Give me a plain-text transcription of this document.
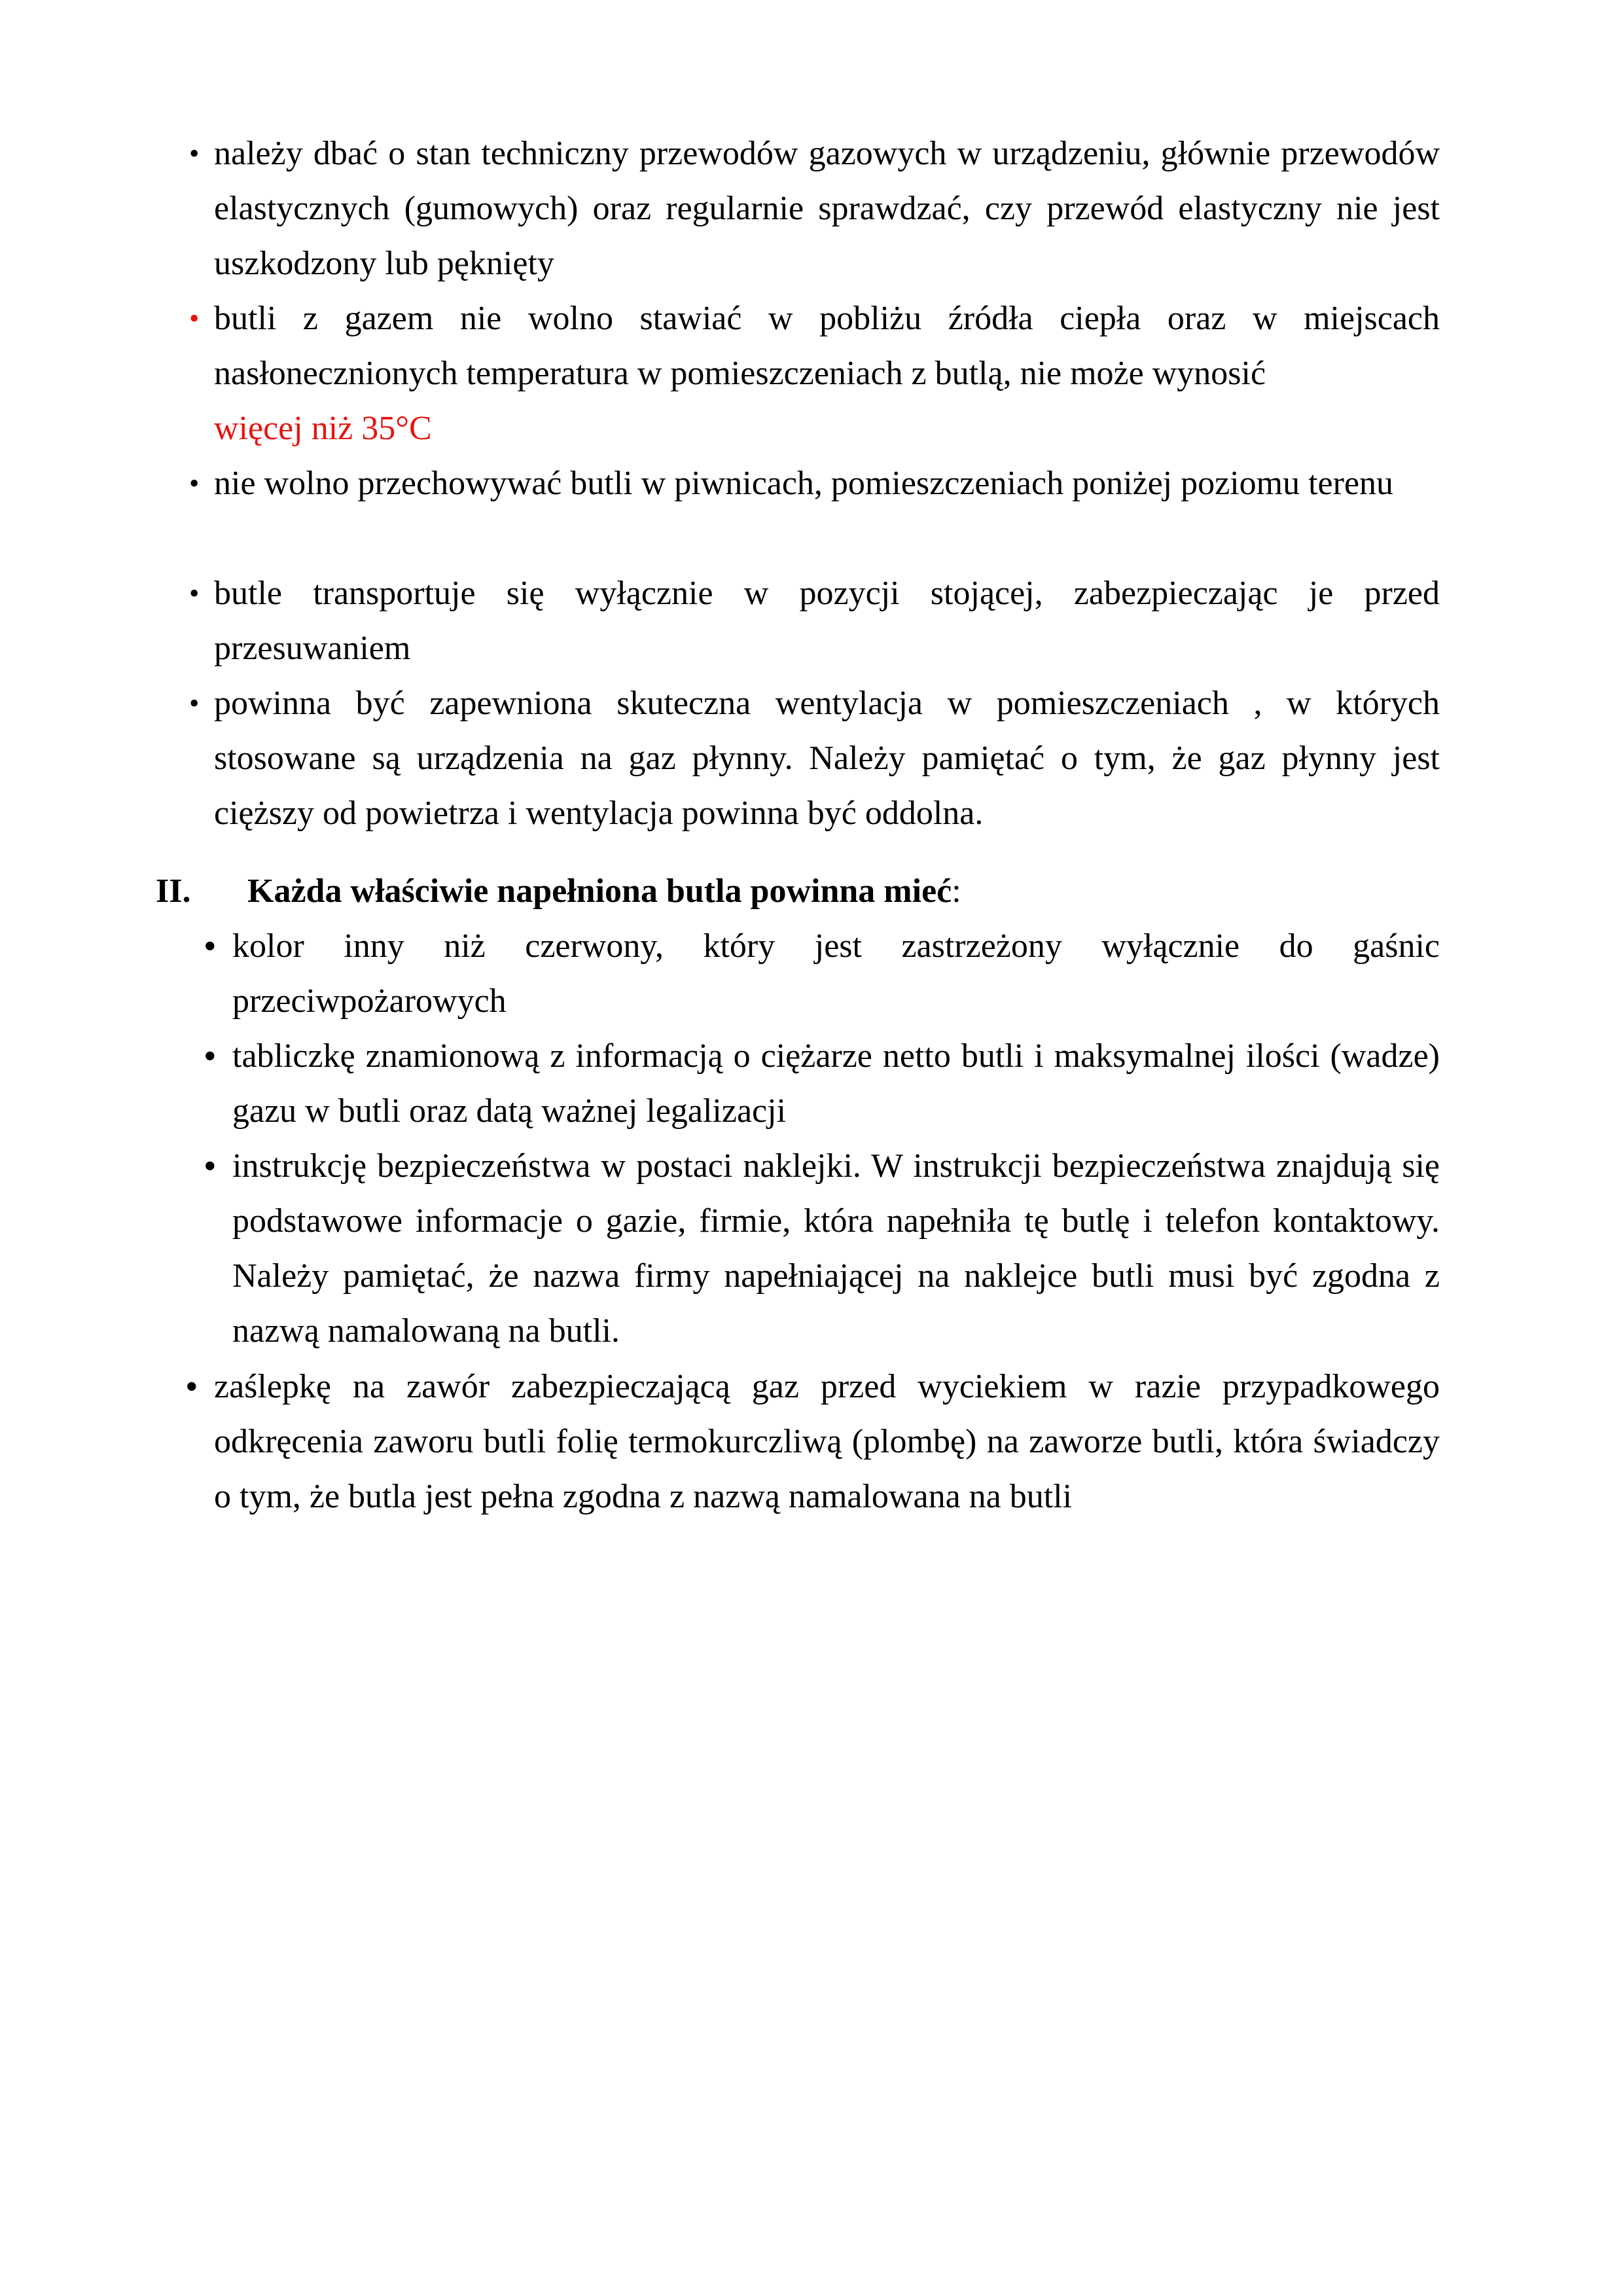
• należy dbać o stan techniczny przewodów gazowych w urządzeniu, głównie przewodów elastycznych (gumowych) oraz regularnie sprawdzać, czy przewód elastyczny nie jest uszkodzony lub pęknięty
• butli z gazem nie wolno stawiać w pobliżu źródła ciepła oraz w miejscach nasłonecznionych temperatura w pomieszczeniach z butlą, nie może wynosić
więcej niż 35°C
• nie wolno przechowywać butli w piwnicach, pomieszczeniach poniżej poziomu terenu
• butle transportuje się wyłącznie w pozycji stojącej, zabezpieczając je przed przesuwaniem
• powinna być zapewniona skuteczna wentylacja w pomieszczeniach , w których stosowane są urządzenia na gaz płynny. Należy pamiętać o tym, że gaz płynny jest cięższy od powietrza i wentylacja powinna być oddolna.
II. Każda właściwie napełniona butla powinna mieć:
• kolor inny niż czerwony, który jest zastrzeżony wyłącznie do gaśnic przeciwpożarowych
• tabliczkę znamionową z informacją o ciężarze netto butli i maksymalnej ilości (wadze) gazu w butli oraz datą ważnej legalizacji
• instrukcję bezpieczeństwa w postaci naklejki. W instrukcji bezpieczeństwa znajdują się podstawowe informacje o gazie, firmie, która napełniła tę butlę i telefon kontaktowy. Należy pamiętać, że nazwa firmy napełniającej na naklejce butli musi być zgodna z nazwą namalowaną na butli.
• zaślepkę na zawór zabezpieczającą gaz przed wyciekiem w razie przypadkowego odkręcenia zaworu butli folię termokurczliwą (plombę) na zaworze butli, która świadczy o tym, że butla jest pełna zgodna z nazwą namalowana na butli
